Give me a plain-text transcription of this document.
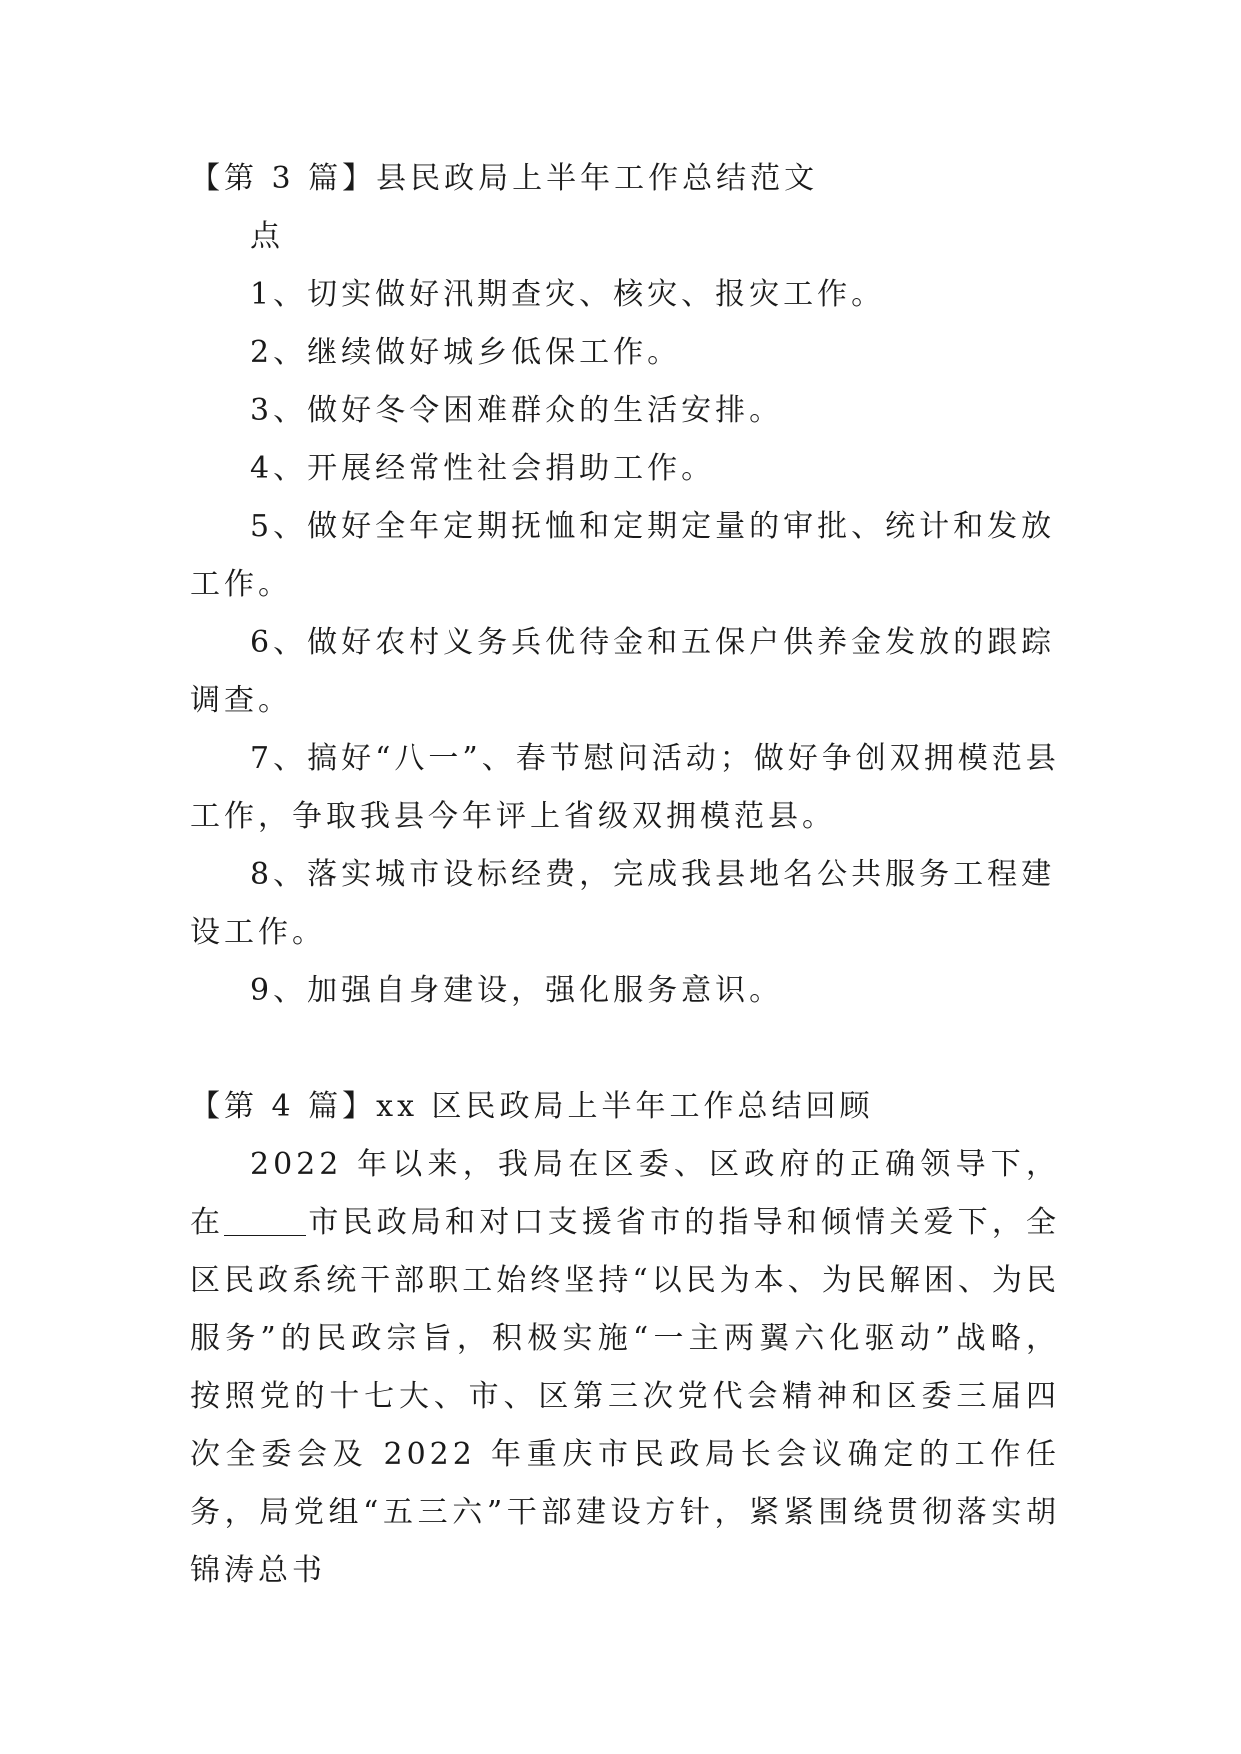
【第 3 篇】县民政局上半年工作总结范文
点
1、切实做好汛期查灾、核灾、报灾工作。
2、继续做好城乡低保工作。
3、做好冬令困难群众的生活安排。
4、开展经常性社会捐助工作。
5、做好全年定期抚恤和定期定量的审批、统计和发放
工作。
6、做好农村义务兵优待金和五保户供养金发放的跟踪
调查。
7、搞好“八一”、春节慰问活动；做好争创双拥模范县
工作，争取我县今年评上省级双拥模范县。
8、落实城市设标经费，完成我县地名公共服务工程建
设工作。
9、加强自身建设，强化服务意识。
【第 4 篇】xx 区民政局上半年工作总结回顾

2022 年以来，我局在区委、区政府的正确领导下，在	市民政局和对口支援省市的指导和倾情关爱下，全区民政系统干部职工始终坚持“以民为本、为民解困、为民服务”的民政宗旨，积极实施“一主两翼六化驱动”战略，按照党的十七大、市、区第三次党代会精神和区委三届四次全委会及 2022 年重庆市民政局长会议确定的工作任务，局党组“五三六”干部建设方针，紧紧围绕贯彻落实胡锦涛总书
